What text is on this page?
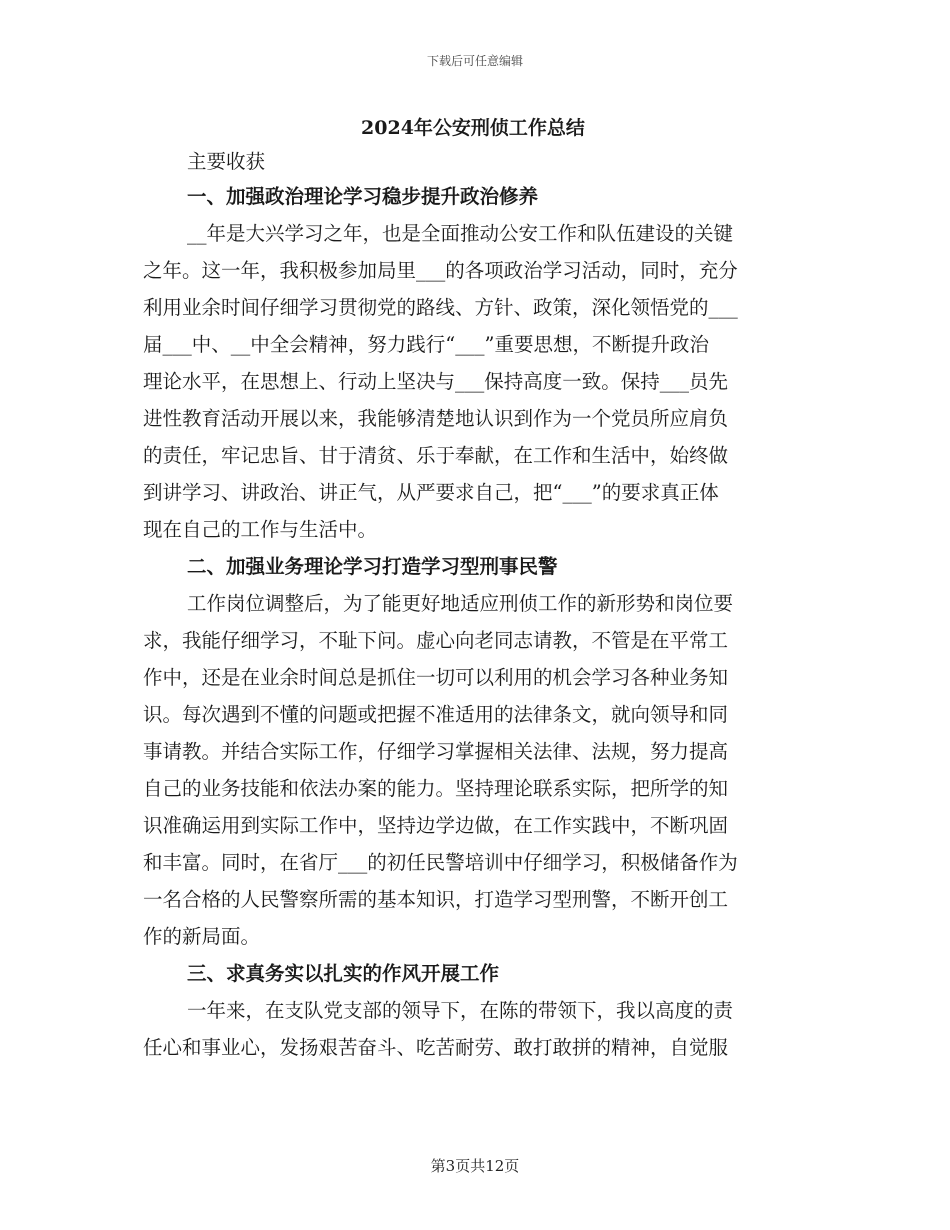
下载后可任意编辑
2024年公安刑侦工作总结
主要收获
一、加强政治理论学习稳步提升政治修养
__年是大兴学习之年，也是全面推动公安工作和队伍建设的关键
之年。这一年，我积极参加局里___的各项政治学习活动，同时，充分
利用业余时间仔细学习贯彻党的路线、方针、政策，深化领悟党的___
届___中、__中全会精神，努力践行“___”重要思想，不断提升政治
理论水平，在思想上、行动上坚决与___保持高度一致。保持___员先
进性教育活动开展以来，我能够清楚地认识到作为一个党员所应肩负
的责任，牢记忠旨、甘于清贫、乐于奉献，在工作和生活中，始终做
到讲学习、讲政治、讲正气，从严要求自己，把“___”的要求真正体
现在自己的工作与生活中。
二、加强业务理论学习打造学习型刑事民警
工作岗位调整后，为了能更好地适应刑侦工作的新形势和岗位要
求，我能仔细学习，不耻下问。虚心向老同志请教，不管是在平常工
作中，还是在业余时间总是抓住一切可以利用的机会学习各种业务知
识。每次遇到不懂的问题或把握不准适用的法律条文，就向领导和同
事请教。并结合实际工作，仔细学习掌握相关法律、法规，努力提高
自己的业务技能和依法办案的能力。坚持理论联系实际，把所学的知
识准确运用到实际工作中，坚持边学边做，在工作实践中，不断巩固
和丰富。同时，在省厅___的初任民警培训中仔细学习，积极储备作为
一名合格的人民警察所需的基本知识，打造学习型刑警，不断开创工
作的新局面。
三、求真务实以扎实的作风开展工作
一年来，在支队党支部的领导下，在陈的带领下，我以高度的责
任心和事业心，发扬艰苦奋斗、吃苦耐劳、敢打敢拼的精神，自觉服
第3页共12页
